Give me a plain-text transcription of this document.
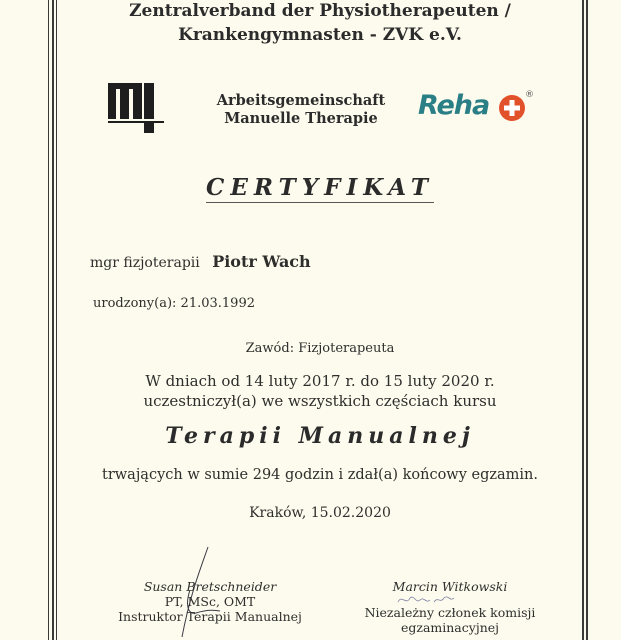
Zentralverband der Physiotherapeuten /
Krankengymnasten - ZVK e.V.
Arbeitsgemeinschaft
Manuelle Therapie	Reha	®
CERTYFIKAT
mgr fizjoterapii Piotr Wach
urodzony(a): 21.03.1992
Zawód: Fizjoterapeuta
W dniach od 14 luty 2017 r. do 15 luty 2020 r.
uczestniczył(a) we wszystkich częściach kursu
Terapii Manualnej
trwających w sumie 294 godzin i zdał(a) końcowy egzamin.
Kraków, 15.02.2020
Susan Bretschneider
PT, MSc, OMT
Instruktor Terapii Manualnej
Marcin Witkowski
Niezależny członek komisji
egzaminacyjnej
